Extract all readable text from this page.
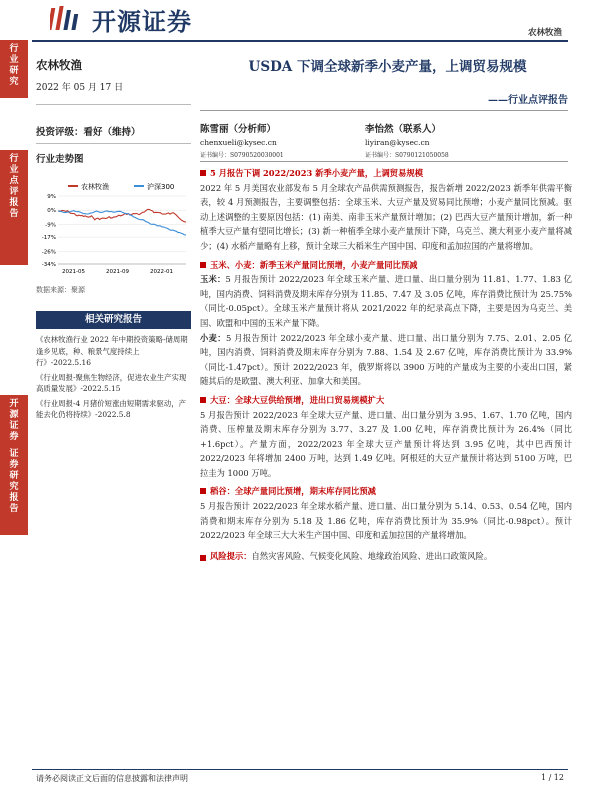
开源证券	农林牧渔
行
业
研
究
行
业
点
评
报
告
开
源
证
券
证
券
研
究
报
告
农林牧渔
2022 年 05 月 17 日
投资评级：看好（维持）
行业走势图
农林牧渔	沪深300
9%
0%
-9%
-17%
-26%
-34%
2021-05	2021-09	2022-01
数据来源：聚源
相关研究报告

《农林牧渔行业 2022 年中期投资策略-储周期逢乡见底，种、粮景气度持续上行》-2022.5.16

《行业周报-聚焦生物经济，促进农业生产实现高质量发展》-2022.5.15

《行业周报-4 月猪价短涨由短期需求驱动，产能去化仍将持续》-2022.5.8

USDA 下调全球新季小麦产量，上调贸易规模
——行业点评报告
陈雪丽（分析师）
chenxueli@kysec.cn
证书编号：S0790520030001
李怡然（联系人）
liyiran@kysec.cn
证书编号：S0790121050058
5 月报告下调 2022/2023 新季小麦产量，上调贸易规模
2022 年 5 月美国农业部发布 5 月全球农产品供需预测报告，报告新增 2022/2023 新季年供需平衡表，较 4 月预测报告，主要调整包括：全球玉米、大豆产量及贸易同比预增；小麦产量同比预减。驱动上述调整的主要原因包括：(1) 南美、南非玉米产量预计增加；(2) 巴西大豆产量预计增加，新一种植季大豆产量有望同比增长；(3) 新一种植季全球小麦产量预计下降，乌克兰、澳大利亚小麦产量将减少；(4) 水稻产量略有上移，预计全球三大稻米生产国中国、印度和孟加拉国的产量将增加。
玉米、小麦：新季玉米产量同比预增，小麦产量同比预减
玉米：5 月报告预计 2022/2023 年全球玉米产量、进口量、出口量分别为 11.81、1.77、1.83 亿吨，国内消费、饲料消费及期末库存分别为 11.85、7.47 及 3.05 亿吨，库存消费比预计为 25.75%（同比-0.05pct）。全球玉米产量预计将从 2021/2022 年的纪录高点下降，主要是因为乌克兰、美国、欧盟和中国的玉米产量下降。
小麦：5 月报告预计 2022/2023 年全球小麦产量、进口量、出口量分别为 7.75、2.01、2.05 亿吨，国内消费、饲料消费及期末库存分别为 7.88、1.54 及 2.67 亿吨，库存消费比预计为 33.9%（同比-1.47pct）。预计 2022/2023 年，俄罗斯将以 3900 万吨的产量成为主要的小麦出口国，紧随其后的是欧盟、澳大利亚、加拿大和美国。
大豆：全球大豆供给预增，进出口贸易规模扩大
5 月报告预计 2022/2023 年全球大豆产量、进口量、出口量分别为 3.95、1.67、1.70 亿吨，国内消费、压榨量及期末库存分别为 3.77、3.27 及 1.00 亿吨，库存消费比预计为 26.4%（同比+1.6pct）。产量方面，2022/2023 年全球大豆产量预计将达到 3.95 亿吨，其中巴西预计 2022/2023 年将增加 2400 万吨，达到 1.49 亿吨。阿根廷的大豆产量预计将达到 5100 万吨，巴拉圭为 1000 万吨。
稻谷：全球产量同比预增，期末库存同比预减
5 月报告预计 2022/2023 年全球水稻产量、进口量、出口量分别为 5.14、0.53、0.54 亿吨，国内消费和期末库存分别为 5.18 及 1.86 亿吨，库存消费比预计为 35.9%（同比-0.98pct）。预计 2022/2023 年全球三大大米生产国中国、印度和孟加拉国的产量将增加。
风险提示：自然灾害风险、气候变化风险、地缘政治风险、进出口政策风险。
请务必阅读正文后面的信息披露和法律声明	1 / 12
